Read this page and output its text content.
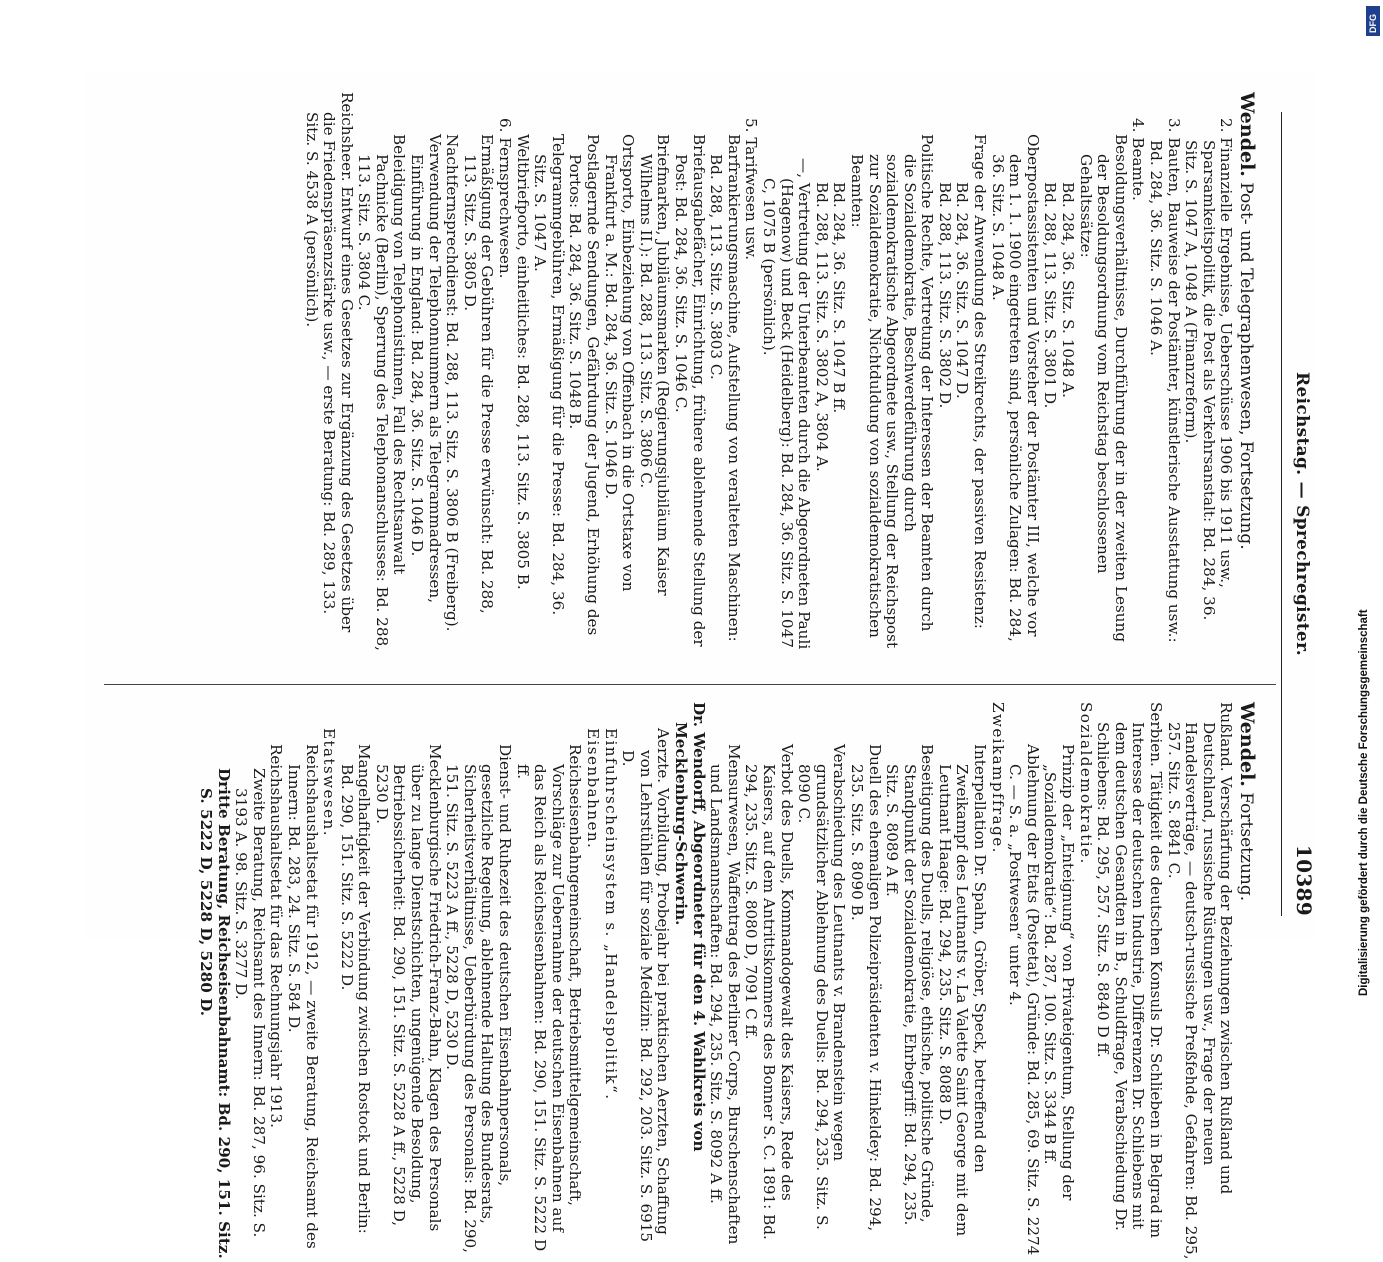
Reichstag. — Sprechregister.
10389

Wendel. Post- und Telegraphenwesen, Fortsetzung.

2. Finanzielle Ergebnisse, Ueberschüsse 1906 bis 1911 usw., Sparsamkeitspolitik, die Post als Verkehrsanstalt: Bd. 284, 36. Sitz. S. 1047 A, 1048 A (Finanzreform).

3. Bauten, Bauweise der Postämter, künstlerische Ausstattung usw.: Bd. 284, 36. Sitz. S. 1046 A.

4. Beamte.

Besoldungsverhältnisse, Durchführung der in der zweiten Lesung der Besoldungsordnung vom Reichstag beschlossenen Gehaltssätze:

Bd. 284, 36. Sitz. S. 1048 A.

Bd. 288, 113. Sitz. S. 3801 D.

Oberpostassistenten und Vorsteher der Postämter III, welche vor dem 1. 1. 1900 eingetreten sind, persönliche Zulagen: Bd. 284, 36. Sitz. S. 1048 A.

Frage der Anwendung des Streikrechts, der passiven Resistenz:

Bd. 284, 36. Sitz. S. 1047 D.

Bd. 288, 113. Sitz. S. 3802 D.

Politische Rechte, Vertretung der Interessen der Beamten durch die Sozialdemokratie, Beschwerdeführung durch sozialdemokratische Abgeordnete usw., Stellung der Reichspost zur Sozialdemokratie, Nichtduldung von sozialdemokratischen Beamten:

Bd. 284, 36. Sitz. S. 1047 B ff.

Bd. 288, 113. Sitz. S. 3802 A, 3804 A.

—, Vertretung der Unterbeamten durch die Abgeordneten Pauli (Hagenow) und Beck (Heidelberg): Bd. 284, 36. Sitz. S. 1047 C, 1075 B (persönlich).

5. Tarifwesen usw.

Barfrankierungsmaschine, Aufstellung von veralteten Maschinen: Bd. 288, 113. Sitz. S. 3803 C.

Briefausgabefächer, Einrichtung, frühere ablehnende Stellung der Post: Bd. 284, 36. Sitz. S. 1046 C.

Briefmarken, Jubiläumsmarken (Regierungsjubiläum Kaiser Wilhelms II.): Bd. 288, 113. Sitz. S. 3806 C.

Ortsporto, Einbeziehung von Offenbach in die Ortstaxe von Frankfurt a. M.: Bd. 284, 36. Sitz. S. 1046 D.

Postlagernde Sendungen, Gefährdung der Jugend, Erhöhung des Portos: Bd. 284, 36. Sitz. S. 1048 B.

Telegrammgebühren, Ermäßigung für die Presse: Bd. 284, 36. Sitz. S. 1047 A.

Weltbriefporto, einheitliches: Bd. 288, 113. Sitz. S. 3805 B.

6. Fernsprechwesen.

Ermäßigung der Gebühren für die Presse erwünscht: Bd. 288, 113. Sitz. S. 3805 D.

Nachtfernsprechdienst: Bd. 288, 113. Sitz. S. 3806 B (Freiberg).

Verwendung der Telephonnummern als Telegrammadressen, Einführung in England: Bd. 284, 36. Sitz. S. 1046 D.

Beleidigung von Telephonistinnen, Fall des Rechtsanwalt Pachnicke (Berlin), Sperrung des Telephonanschlusses: Bd. 288, 113. Sitz. S. 3804 C.

Reichsheer. Entwurf eines Gesetzes zur Ergänzung des Gesetzes über die Friedenspräsenzstärke usw., — erste Beratung: Bd. 289, 133. Sitz. S. 4538 A (persönlich).

Wendel. Fortsetzung.

Rußland. Verschärfung der Beziehungen zwischen Rußland und Deutschland, russische Rüstungen usw., Frage der neuen Handelsverträge, — deutsch-russische Preßfehde, Gefahren: Bd. 295, 257. Sitz. S. 8841 C.

Serbien. Tätigkeit des deutschen Konsuls Dr. Schlieben in Belgrad im Interesse der deutschen Industrie, Differenzen Dr. Schliebens mit dem deutschen Gesandten in B., Schuldfrage, Verabschiedung Dr. Schliebens: Bd. 295, 257. Sitz. S. 8840 D ff.

Sozialdemokratie.

Prinzip der „Enteignung“ von Privateigentum, Stellung der „Sozialdemokratie“: Bd. 287, 100. Sitz. S. 3344 B ff.

Ablehnung der Etats (Postetat), Gründe: Bd. 285, 69. Sitz. S. 2274 C. — S. a. „Postwesen“ unter 4.

Zweikampffrage.

Interpellation Dr. Spahn, Gröber, Speck, betreffend den Zweikampf des Leutnants v. La Valette Saint George mit dem Leutnant Haage: Bd. 294, 235. Sitz. S. 8088 D.

Beseitigung des Duells, religiöse, ethische, politische Gründe, Standpunkt der Sozialdemokratie, Ehrbegriff: Bd. 294, 235. Sitz. S. 8089 A ff.

Duell des ehemaligen Polizeipräsidenten v. Hinkeldey: Bd. 294, 235. Sitz. S. 8090 B.

Verabschiedung des Leutnants v. Brandenstein wegen grundsätzlicher Ablehnung des Duells: Bd. 294, 235. Sitz. S. 8090 C.

Verbot des Duells, Kommandogewalt des Kaisers, Rede des Kaisers, auf dem Antrittskommers des Bonner S. C. 1891: Bd. 294, 235. Sitz. S. 8080 D, 7091 C ff.

Mensurwesen, Waffentrag des Berliner Corps, Burschenschaften und Landsmannschaften: Bd. 294, 235. Sitz. S. 8092 A ff.

Dr. Wendorff, Abgeordneter für den 4. Wahlkreis von Mecklenburg-Schwerin.

Aerzte. Vorbildung, Probejahr bei praktischen Aerzten, Schaffung von Lehrstühlen für soziale Medizin: Bd. 292, 203. Sitz. S. 6915 D.

Einfuhrscheinsystem s. „Handelspolitik“.

Eisenbahnen.

Reichseisenbahngemeinschaft, Betriebsmittelgemeinschaft, Vorschläge zur Uebernahme der deutschen Eisenbahnen auf das Reich als Reichseisenbahnen: Bd. 290, 151. Sitz. S. 5222 D ff.

Dienst- und Ruhezeit des deutschen Eisenbahnpersonals, gesetzliche Regelung, ablehnende Haltung des Bundesrats, Sicherheitsverhältnisse, Ueberbürdung des Personals: Bd. 290, 151. Sitz. S. 5223 A ff., 5228 D, 5230 D.

Mecklenburgische Friedrich-Franz-Bahn, Klagen des Personals über zu lange Dienstschichten, ungenügende Besoldung, Betriebssicherheit: Bd. 290, 151. Sitz. S. 5228 A ff., 5228 D, 5230 D.

Mangelhaftigkeit der Verbindung zwischen Rostock und Berlin: Bd. 290, 151. Sitz. S. 5222 D.

Etatswesen.

Reichshaushaltsetat für 1912, — zweite Beratung, Reichsamt des Innern: Bd. 283, 24. Sitz. S. 584 D.

Reichshaushaltsetat für das Rechnungsjahr 1913.

Zweite Beratung, Reichsamt des Innern: Bd. 287, 96. Sitz. S. 3193 A. 98. Sitz. S. 3277 D.

Dritte Beratung, Reichseisenbahnamt: Bd. 290, 151. Sitz. S. 5222 D, 5228 D, 5280 D.	Digitalisierung gefördert durch die Deutsche Forschungsgemeinschaft
DFG
